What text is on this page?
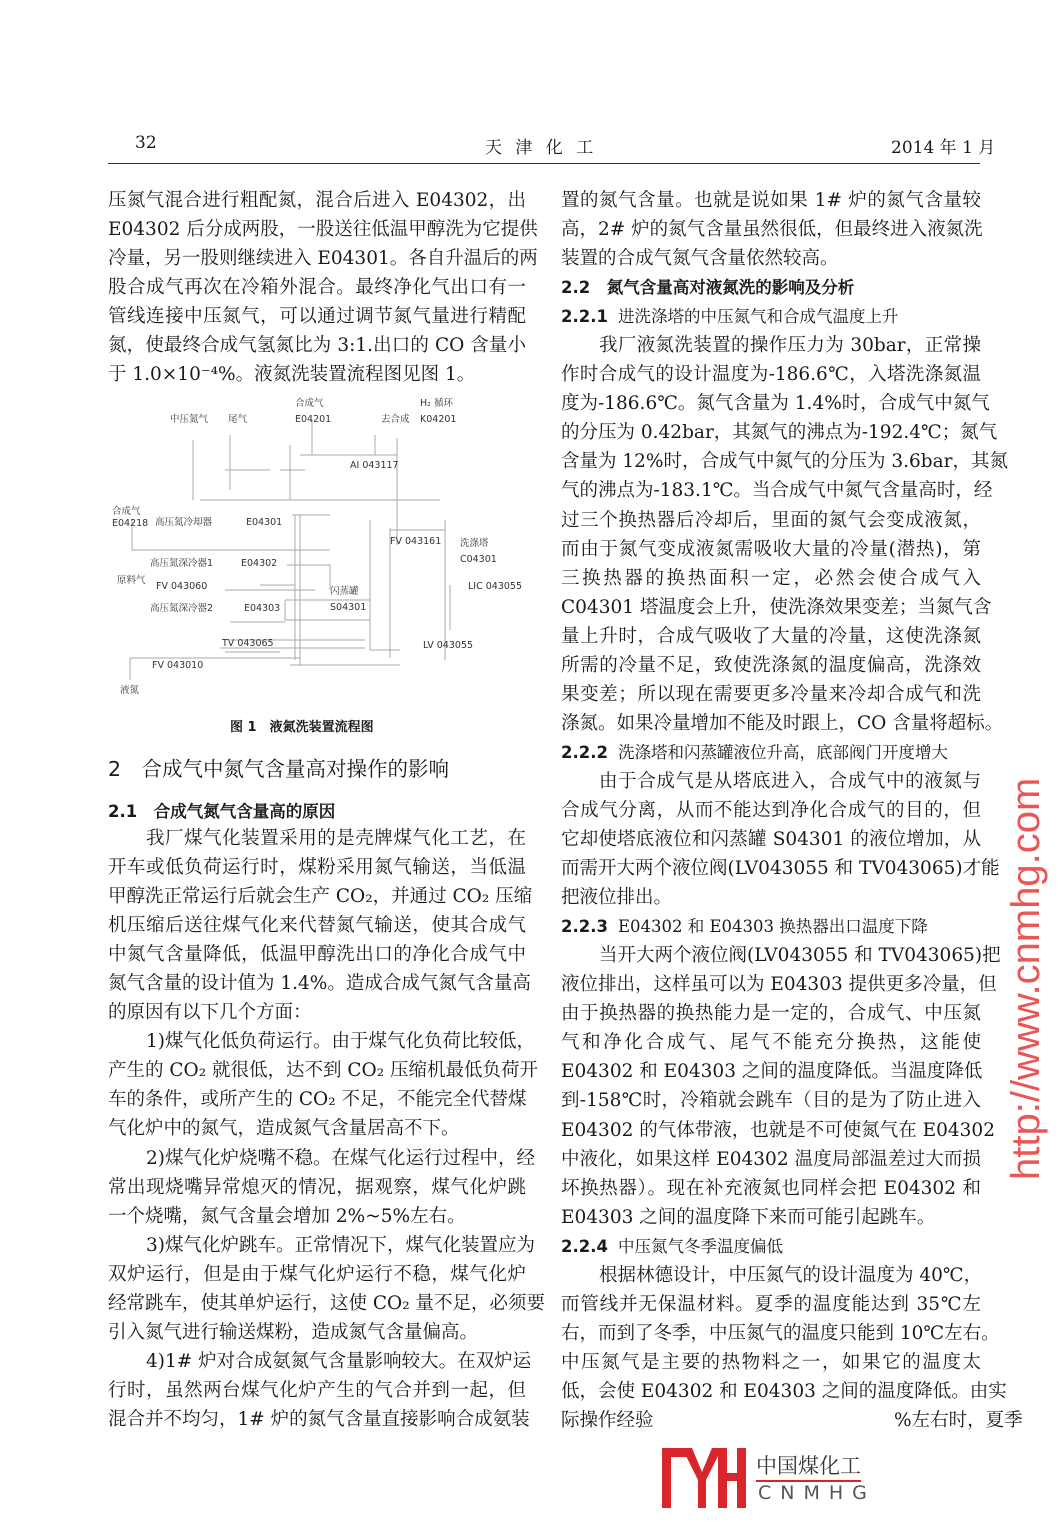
32	天 津 化 工	2014 年 1 月
压氮气混合进行粗配氮，混合后进入 E04302，出
E04302 后分成两股，一股送往低温甲醇洗为它提供
冷量，另一股则继续进入 E04301。各自升温后的两
股合成气再次在冷箱外混合。最终净化气出口有一
管线连接中压氮气，可以通过调节氮气量进行精配
氮，使最终合成气氢氮比为 3:1.出口的 CO 含量小
于 1.0×10⁻⁴%。液氮洗装置流程图见图 1。
中压氮气 尾气
合成气
E04201
H₂ 循环
去合成 K04201
AI 043117
合成气
E04218 高压氮冷却器	E04301
FV 043161 洗涤塔
C04301
高压氮深冷器1	E04302
原料气
FV 043060	闪蒸罐
S04301
高压氮深冷器2	E04303
LIC 043055
TV 043065	LV 043055
FV 043010
液氮
图 1　液氮洗装置流程图
2　合成气中氮气含量高对操作的影响
2.1　合成气氮气含量高的原因
我厂煤气化装置采用的是壳牌煤气化工艺，在
开车或低负荷运行时，煤粉采用氮气输送，当低温
甲醇洗正常运行后就会生产 CO₂，并通过 CO₂ 压缩
机压缩后送往煤气化来代替氮气输送，使其合成气
中氮气含量降低，低温甲醇洗出口的净化合成气中
氮气含量的设计值为 1.4%。造成合成气氮气含量高
的原因有以下几个方面：
1)煤气化低负荷运行。由于煤气化负荷比较低，
产生的 CO₂ 就很低，达不到 CO₂ 压缩机最低负荷开
车的条件，或所产生的 CO₂ 不足，不能完全代替煤
气化炉中的氮气，造成氮气含量居高不下。
2)煤气化炉烧嘴不稳。在煤气化运行过程中，经
常出现烧嘴异常熄灭的情况，据观察，煤气化炉跳
一个烧嘴，氮气含量会增加 2%~5%左右。
3)煤气化炉跳车。正常情况下，煤气化装置应为
双炉运行，但是由于煤气化炉运行不稳，煤气化炉
经常跳车，使其单炉运行，这使 CO₂ 量不足，必须要
引入氮气进行输送煤粉，造成氮气含量偏高。
4)1# 炉对合成氨氮气含量影响较大。在双炉运
行时，虽然两台煤气化炉产生的气合并到一起，但
混合并不均匀，1# 炉的氮气含量直接影响合成氨装
置的氮气含量。也就是说如果 1# 炉的氮气含量较
高，2# 炉的氮气含量虽然很低，但最终进入液氮洗
装置的合成气氮气含量依然较高。
2.2　氮气含量高对液氮洗的影响及分析
2.2.1 进洗涤塔的中压氮气和合成气温度上升
我厂液氮洗装置的操作压力为 30bar，正常操
作时合成气的设计温度为-186.6℃，入塔洗涤氮温
度为-186.6℃。氮气含量为 1.4%时，合成气中氮气
的分压为 0.42bar，其氮气的沸点为-192.4℃；氮气
含量为 12%时，合成气中氮气的分压为 3.6bar，其氮
气的沸点为-183.1℃。当合成气中氮气含量高时，经
过三个换热器后冷却后，里面的氮气会变成液氮，
而由于氮气变成液氮需吸收大量的冷量(潜热)，第
三换热器的换热面积一定，必然会使合成气入
C04301 塔温度会上升，使洗涤效果变差；当氮气含
量上升时，合成气吸收了大量的冷量，这使洗涤氮
所需的冷量不足，致使洗涤氮的温度偏高，洗涤效
果变差；所以现在需要更多冷量来冷却合成气和洗
涤氮。如果冷量增加不能及时跟上，CO 含量将超标。
2.2.2 洗涤塔和闪蒸罐液位升高，底部阀门开度增大
由于合成气是从塔底进入，合成气中的液氮与
合成气分离，从而不能达到净化合成气的目的，但
它却使塔底液位和闪蒸罐 S04301 的液位增加，从
而需开大两个液位阀(LV043055 和 TV043065)才能
把液位排出。
2.2.3 E04302 和 E04303 换热器出口温度下降
当开大两个液位阀(LV043055 和 TV043065)把
液位排出，这样虽可以为 E04303 提供更多冷量，但
由于换热器的换热能力是一定的，合成气、中压氮
气和净化合成气、尾气不能充分换热，这能使
E04302 和 E04303 之间的温度降低。当温度降低
到-158℃时，冷箱就会跳车（目的是为了防止进入
E04302 的气体带液，也就是不可使氮气在 E04302
中液化，如果这样 E04302 温度局部温差过大而损
坏换热器）。现在补充液氮也同样会把 E04302 和
E04303 之间的温度降下来而可能引起跳车。
2.2.4 中压氮气冬季温度偏低
根据林德设计，中压氮气的设计温度为 40℃，
而管线并无保温材料。夏季的温度能达到 35℃左
右，而到了冬季，中压氮气的温度只能到 10℃左右。
中压氮气是主要的热物料之一，如果它的温度太
低，会使 E04302 和 E04303 之间的温度降低。由实
际操作经验　　　　　　　　　　　　　%左右时，夏季
http://www.cnmhg.com
中国煤化工
CNMHG
